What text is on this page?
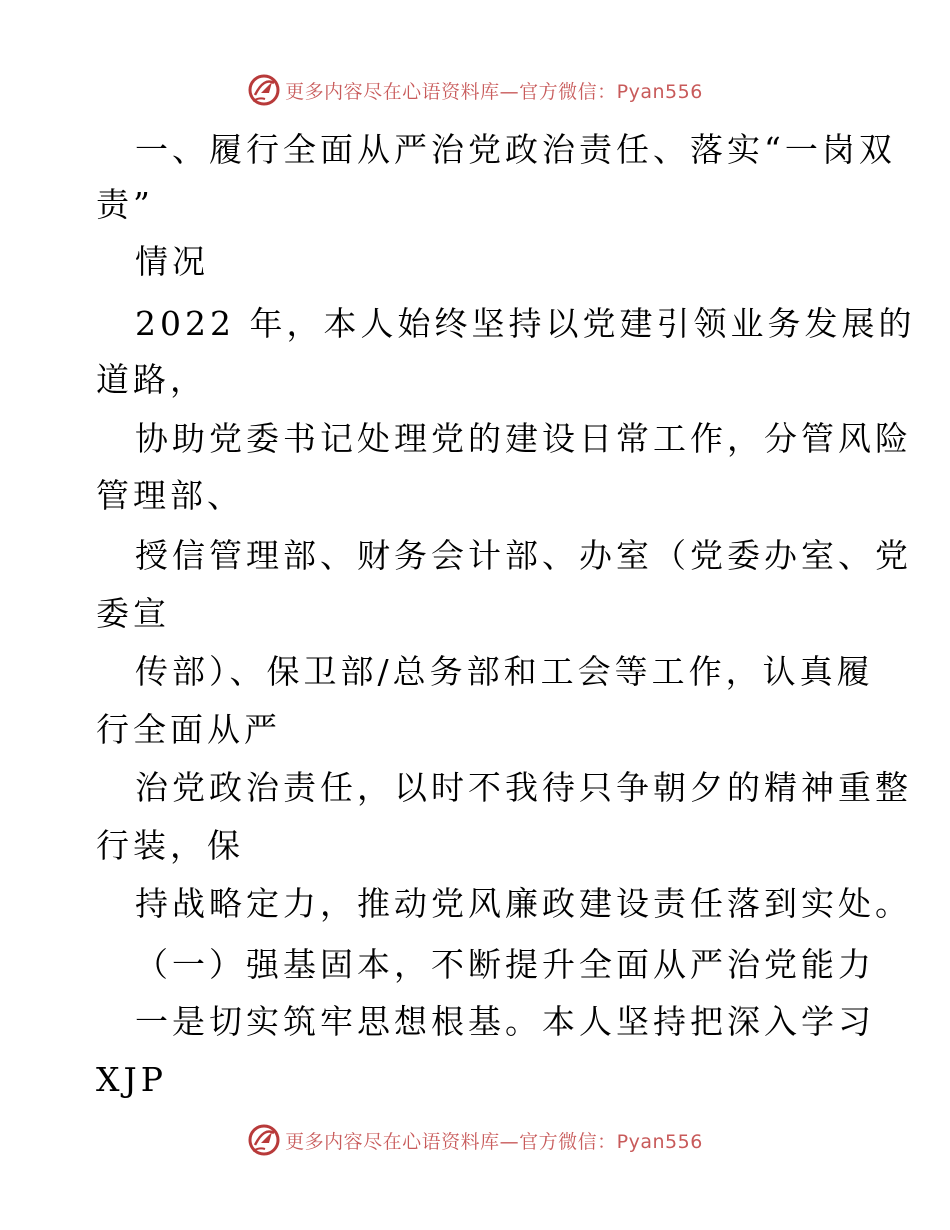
更多内容尽在心语资料库—官方微信：Pyan556
一、履行全面从严治党政治责任、落实“一岗双
责”
情况
2022 年，本人始终坚持以党建引领业务发展的
道路，
协助党委书记处理党的建设日常工作，分管风险
管理部、
授信管理部、财务会计部、办室（党委办室、党
委宣
传部）、保卫部/总务部和工会等工作，认真履
行全面从严
治党政治责任，以时不我待只争朝夕的精神重整
行装，保
持战略定力，推动党风廉政建设责任落到实处。
（一）强基固本，不断提升全面从严治党能力
一是切实筑牢思想根基。本人坚持把深入学习
XJP
更多内容尽在心语资料库—官方微信：Pyan556
